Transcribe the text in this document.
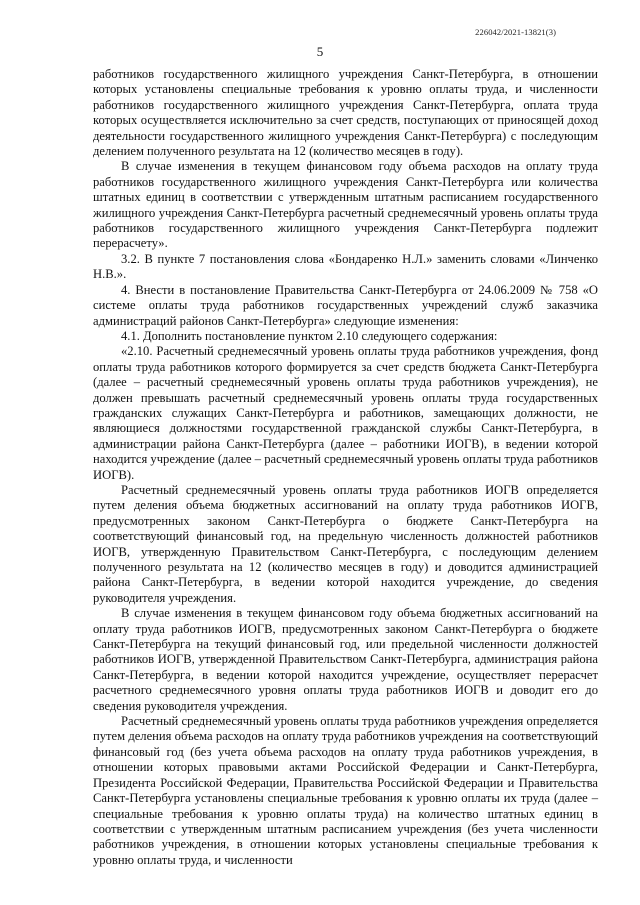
226042/2021-13821(3)
5

работников государственного жилищного учреждения Санкт-Петербурга, в отношении которых установлены специальные требования к уровню оплаты труда, и численности работников государственного жилищного учреждения Санкт-Петербурга, оплата труда которых осуществляется исключительно за счет средств, поступающих от приносящей доход деятельности государственного жилищного учреждения Санкт-Петербурга) с последующим делением полученного результата на 12 (количество месяцев в году).

В случае изменения в текущем финансовом году объема расходов на оплату труда работников государственного жилищного учреждения Санкт-Петербурга или количества штатных единиц в соответствии с утвержденным штатным расписанием государственного жилищного учреждения Санкт-Петербурга расчетный среднемесячный уровень оплаты труда работников государственного жилищного учреждения Санкт-Петербурга подлежит перерасчету».

3.2. В пункте 7 постановления слова «Бондаренко Н.Л.» заменить словами «Линченко Н.В.».

4. Внести в постановление Правительства Санкт-Петербурга от 24.06.2009 № 758 «О системе оплаты труда работников государственных учреждений служб заказчика администраций районов Санкт-Петербурга» следующие изменения:

4.1. Дополнить постановление пунктом 2.10 следующего содержания:

«2.10. Расчетный среднемесячный уровень оплаты труда работников учреждения, фонд оплаты труда работников которого формируется за счет средств бюджета Санкт-Петербурга (далее – расчетный среднемесячный уровень оплаты труда работников учреждения), не должен превышать расчетный среднемесячный уровень оплаты труда государственных гражданских служащих Санкт-Петербурга и работников, замещающих должности, не являющиеся должностями государственной гражданской службы Санкт-Петербурга, в администрации района Санкт-Петербурга (далее – работники ИОГВ), в ведении которой находится учреждение (далее – расчетный среднемесячный уровень оплаты труда работников ИОГВ).

Расчетный среднемесячный уровень оплаты труда работников ИОГВ определяется путем деления объема бюджетных ассигнований на оплату труда работников ИОГВ, предусмотренных законом Санкт-Петербурга о бюджете Санкт-Петербурга на соответствующий финансовый год, на предельную численность должностей работников ИОГВ, утвержденную Правительством Санкт-Петербурга, с последующим делением полученного результата на 12 (количество месяцев в году) и доводится администрацией района Санкт-Петербурга, в ведении которой находится учреждение, до сведения руководителя учреждения.

В случае изменения в текущем финансовом году объема бюджетных ассигнований на оплату труда работников ИОГВ, предусмотренных законом Санкт-Петербурга о бюджете Санкт-Петербурга на текущий финансовый год, или предельной численности должностей работников ИОГВ, утвержденной Правительством Санкт-Петербурга, администрация района Санкт-Петербурга, в ведении которой находится учреждение, осуществляет перерасчет расчетного среднемесячного уровня оплаты труда работников ИОГВ и доводит его до сведения руководителя учреждения.

Расчетный среднемесячный уровень оплаты труда работников учреждения определяется путем деления объема расходов на оплату труда работников учреждения на соответствующий финансовый год (без учета объема расходов на оплату труда работников учреждения, в отношении которых правовыми актами Российской Федерации и Санкт-Петербурга, Президента Российской Федерации, Правительства Российской Федерации и Правительства Санкт-Петербурга установлены специальные требования к уровню оплаты их труда (далее – специальные требования к уровню оплаты труда) на количество штатных единиц в соответствии с утвержденным штатным расписанием учреждения (без учета численности работников учреждения, в отношении которых установлены специальные требования к уровню оплаты труда, и численности
